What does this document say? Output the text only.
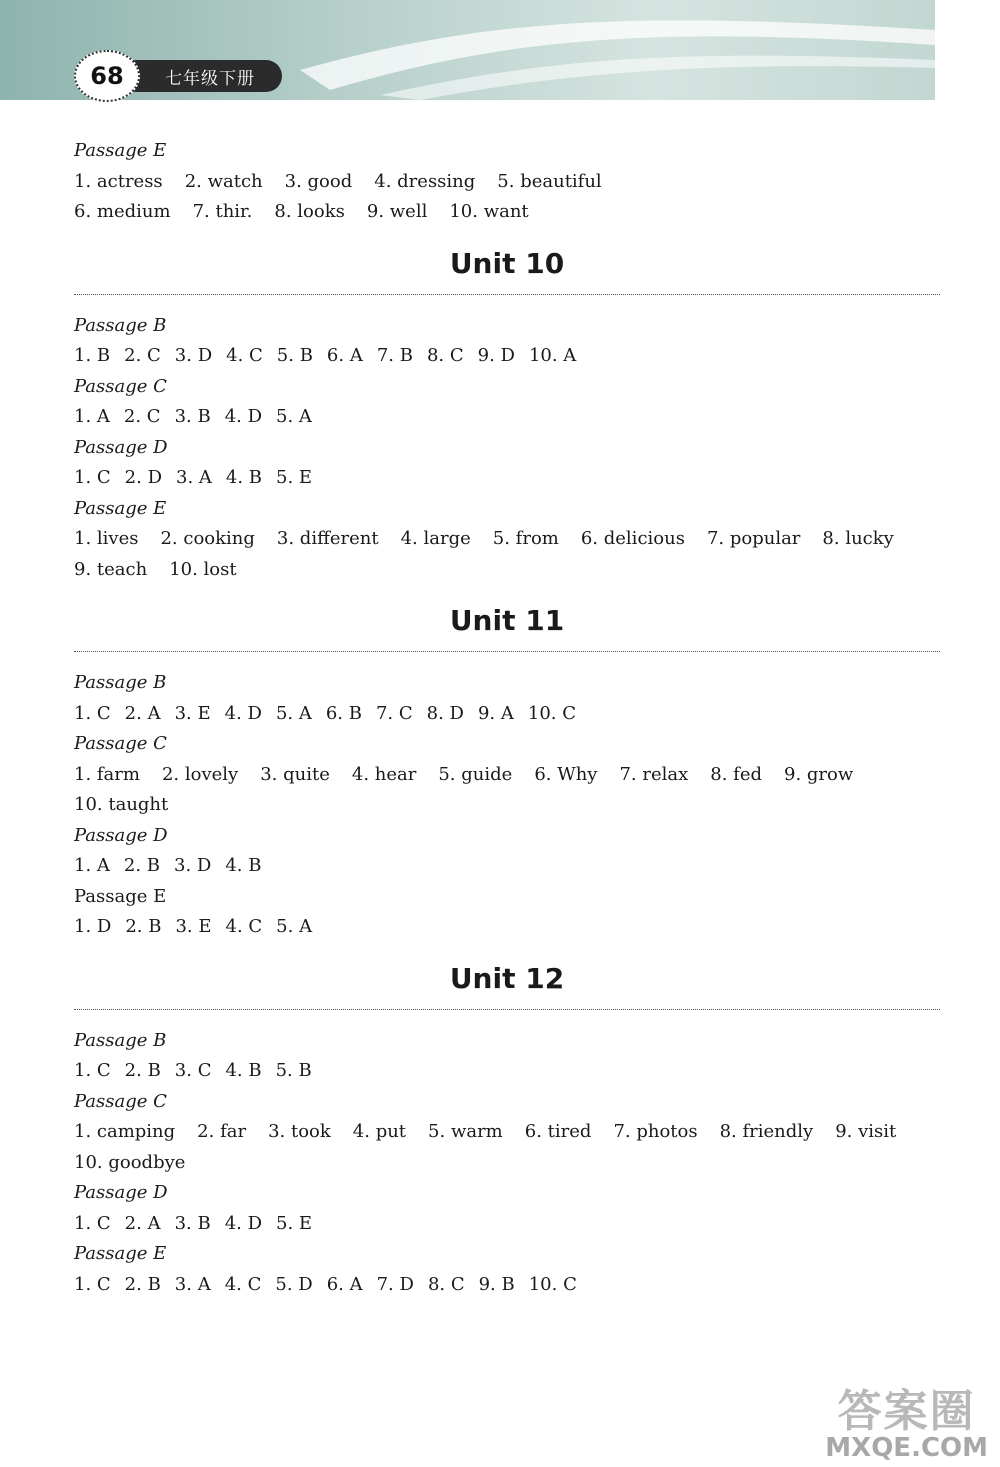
68 七年级下册
Passage E
1. actress 2. watch 3. good 4. dressing 5. beautiful
6. medium 7. thir. 8. looks 9. well 10. want
Unit 10
Passage B
1. B 2. C 3. D 4. C 5. B 6. A 7. B 8. C 9. D 10. A
Passage C
1. A 2. C 3. B 4. D 5. A
Passage D
1. C 2. D 3. A 4. B 5. E
Passage E
1. lives 2. cooking 3. different 4. large 5. from 6. delicious 7. popular 8. lucky
9. teach 10. lost
Unit 11
Passage B
1. C 2. A 3. E 4. D 5. A 6. B 7. C 8. D 9. A 10. C
Passage C
1. farm 2. lovely 3. quite 4. hear 5. guide 6. Why 7. relax 8. fed 9. grow
10. taught
Passage D
1. A 2. B 3. D 4. B
Passage E
1. D 2. B 3. E 4. C 5. A
Unit 12
Passage B
1. C 2. B 3. C 4. B 5. B
Passage C
1. camping 2. far 3. took 4. put 5. warm 6. tired 7. photos 8. friendly 9. visit
10. goodbye
Passage D
1. C 2. A 3. B 4. D 5. E
Passage E
1. C 2. B 3. A 4. C 5. D 6. A 7. D 8. C 9. B 10. C
答案圈
MXQE.COM
